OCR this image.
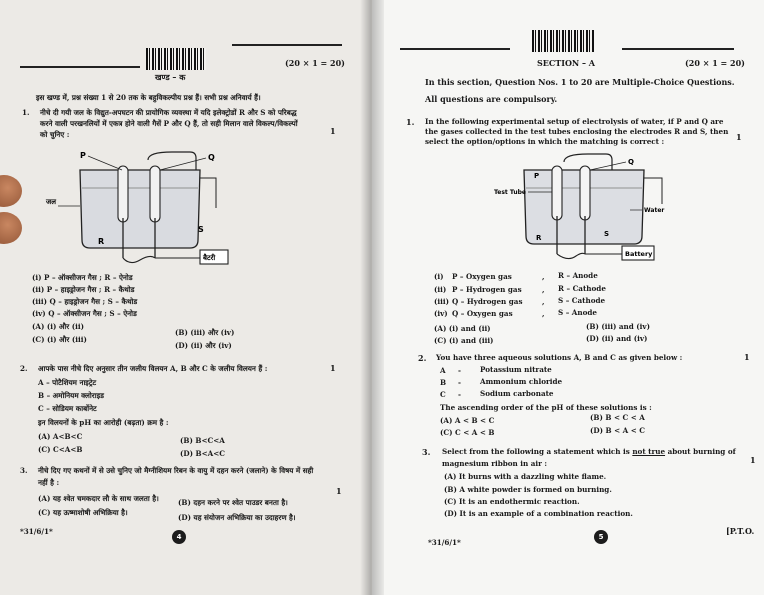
खण्ड – क
(20 × 1 = 20)
इस खण्ड में, प्रश्न संख्या 1 से 20 तक के बहुविकल्पीय प्रश्न हैं। सभी प्रश्न अनिवार्य हैं।
1. नीचे दी गयी जल के विद्युत-अपघटन की प्रायोगिक व्यवस्था में यदि इलेक्ट्रोडों R और S को परिबद्ध
करने वाली परखनलियों में एकत्र होने वाली गैसें P और Q हैं, तो सही मिलान वाले विकल्प/विकल्पों
को चुनिए :	1
बैटरी
जल
P	Q
R
S
(i) P – ऑक्सीजन गैस ; R – ऐनोड
(ii) P – हाइड्रोजन गैस ; R – कैथोड
(iii) Q – हाइड्रोजन गैस ; S – कैथोड
(iv) Q – ऑक्सीजन गैस ; S – ऐनोड
(A) (i) और (ii)
(B) (iii) और (iv)
(C) (i) और (iii)
(D) (ii) और (iv)
2. आपके पास नीचे दिए अनुसार तीन जलीय विलयन A, B और C के जलीय विलयन हैं :	1
A – पोटैशियम नाइट्रेट
B – अमोनियम क्लोराइड
C – सोडियम कार्बोनेट
इन विलयनों के pH का आरोही (बढ़ता) क्रम है :
(A) A<B<C	(B) B<C<A
(C) C<A<B	(D) B<A<C
3. नीचे दिए गए कथनों में से उसे चुनिए जो मैग्नीशियम रिबन के वायु में दहन करने (जलाने) के विषय में सही
नहीं है :
1
(A) यह श्वेत चमकदार लौ के साथ जलता है।	(B) दहन करने पर श्वेत पाउडर बनता है।
(C) यह ऊष्माशोषी अभिक्रिया है।
(D) यह संयोजन अभिक्रिया का उदाहरण है।
*31/6/1*
4
SECTION – A	(20 × 1 = 20)
In this section, Question Nos. 1 to 20 are Multiple-Choice Questions.
All questions are compulsory.
1. In the following experimental setup of electrolysis of water, if P and Q are
the gases collected in the test tubes enclosing the electrodes R and S, then
select the option/options in which the matching is correct :	1
Battery
Test Tube
Water
P
Q
R	S
(i) P – Oxygen gas	, R – Anode
(ii) P – Hydrogen gas	, R – Cathode
(iii) Q – Hydrogen gas	, S – Cathode
(iv) Q – Oxygen gas	, S – Anode
(A) (i) and (ii)	(B) (iii) and (iv)
(C) (i) and (iii)	(D) (ii) and (iv)
2. You have three aqueous solutions A, B and C as given below :	1
A -	Potassium nitrate
B -	Ammonium chloride
C -	Sodium carbonate
The ascending order of the pH of these solutions is :
(A) A < B < C	(B) B < C < A
(C) C < A < B	(D) B < A < C
3. Select from the following a statement which is not true about burning of
magnesium ribbon in air :	1
(A) It burns with a dazzling white flame.
(B) A white powder is formed on burning.
(C) It is an endothermic reaction.
(D) It is an example of a combination reaction.
*31/6/1*
5
[P.T.O.
